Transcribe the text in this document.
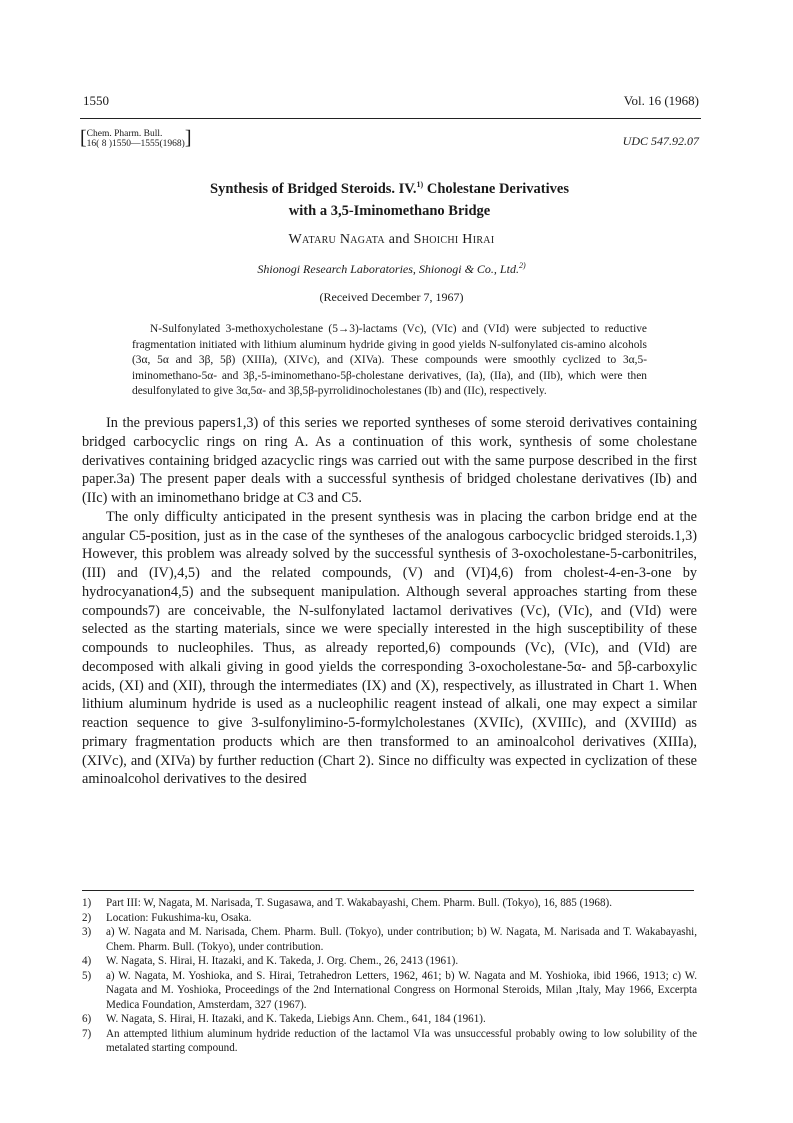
1550	Vol. 16 (1968)
[Chem. Pharm. Bull.
16( 8 )1550—1555(1968)]	UDC 547.92.07
Synthesis of Bridged Steroids. IV.$^{1)}$ Cholestane Derivatives
with a 3,5-Iminomethano Bridge
Wataru Nagata and Shoichi Hirai
Shionogi Research Laboratories, Shionogi & Co., Ltd.$^{2)}$
(Received December 7, 1967)

N-Sulfonylated 3-methoxycholestane (5→3)-lactams (Vc), (VIc) and (VId) were subjected to reductive fragmentation initiated with lithium aluminum hydride giving in good yields N-sulfonylated cis-amino alcohols (3α, 5α and 3β, 5β) (XIIIa), (XIVc), and (XIVa). These compounds were smoothly cyclized to 3α,5-iminomethano-5α- and 3β,-5-iminomethano-5β-cholestane derivatives, (Ia), (IIa), and (IIb), which were then desulfonylated to give 3α,5α- and 3β,5β-pyrrolidinocholestanes (Ib) and (IIc), respectively.

In the previous papers1,3) of this series we reported syntheses of some steroid derivatives containing bridged carbocyclic rings on ring A. As a continuation of this work, synthesis of some cholestane derivatives containing bridged azacyclic rings was carried out with the same purpose described in the first paper.3a) The present paper deals with a successful synthesis of bridged cholestane derivatives (Ib) and (IIc) with an iminomethano bridge at C3 and C5.

The only difficulty anticipated in the present synthesis was in placing the carbon bridge end at the angular C5-position, just as in the case of the syntheses of the analogous carbocyclic bridged steroids.1,3) However, this problem was already solved by the successful synthesis of 3-oxocholestane-5-carbonitriles, (III) and (IV),4,5) and the related compounds, (V) and (VI)4,6) from cholest-4-en-3-one by hydrocyanation4,5) and the subsequent manipulation. Although several approaches starting from these compounds7) are conceivable, the N-sulfonylated lactamol derivatives (Vc), (VIc), and (VId) were selected as the starting materials, since we were specially interested in the high susceptibility of these compounds to nucleophiles. Thus, as already reported,6) compounds (Vc), (VIc), and (VId) are decomposed with alkali giving in good yields the corresponding 3-oxocholestane-5α- and 5β-carboxylic acids, (XI) and (XII), through the intermediates (IX) and (X), respectively, as illustrated in Chart 1. When lithium aluminum hydride is used as a nucleophilic reagent instead of alkali, one may expect a similar reaction sequence to give 3-sulfonylimino-5-formylcholestanes (XVIIc), (XVIIIc), and (XVIIId) as primary fragmentation products which are then transformed to an aminoalcohol derivatives (XIIIa), (XIVc), and (XIVa) by further reduction (Chart 2). Since no difficulty was expected in cyclization of these aminoalcohol derivatives to the desired

1) Part III: W, Nagata, M. Narisada, T. Sugasawa, and T. Wakabayashi, Chem. Pharm. Bull. (Tokyo), 16, 885 (1968).
2) Location: Fukushima-ku, Osaka.
3) a) W. Nagata and M. Narisada, Chem. Pharm. Bull. (Tokyo), under contribution; b) W. Nagata, M. Narisada and T. Wakabayashi, Chem. Pharm. Bull. (Tokyo), under contribution.
4) W. Nagata, S. Hirai, H. Itazaki, and K. Takeda, J. Org. Chem., 26, 2413 (1961).
5) a) W. Nagata, M. Yoshioka, and S. Hirai, Tetrahedron Letters, 1962, 461; b) W. Nagata and M. Yoshioka, ibid 1966, 1913; c) W. Nagata and M. Yoshioka, Proceedings of the 2nd International Congress on Hormonal Steroids, Milan ,Italy, May 1966, Excerpta Medica Foundation, Amsterdam, 327 (1967).
6) W. Nagata, S. Hirai, H. Itazaki, and K. Takeda, Liebigs Ann. Chem., 641, 184 (1961).
7) An attempted lithium aluminum hydride reduction of the lactamol VIa was unsuccessful probably owing to low solubility of the metalated starting compound.
